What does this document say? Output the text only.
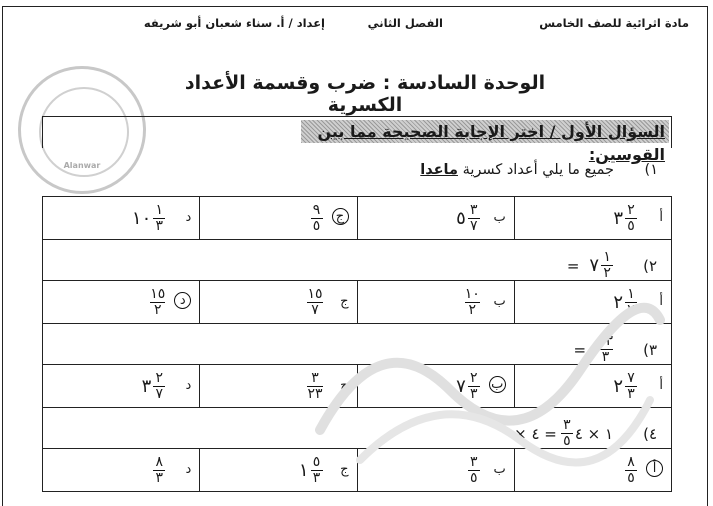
مادة اثرائية للصف الخامس
الفصل الثاني
إعداد / أ. سناء شعبان أبو شريفه
Alanwar
الوحدة السادسة : ضرب وقسمة الأعداد الكسرية
السؤال الأول / اختر الإجابة الصحيحة مما بين القوسين:
١)
جميع ما يلي أعداد كسرية ماعدا
أ
٣ $\frac{٢}{٥}$	ب
٥ $\frac{٣}{٧}$	ج
$\frac{٩}{٥}$	د
١٠ $\frac{١}{٣}$

٢)
= ٧ $\frac{١}{٢}$

أ
٢ $\frac{١}{٧}$	ب
$\frac{١٠}{٢}$	ج
$\frac{١٥}{٧}$	د
$\frac{١٥}{٢}$

٣)
= $\frac{٢٣}{٣}$

أ
٢ $\frac{٧}{٣}$	ب
٧ $\frac{٢}{٣}$	ج
$\frac{٣}{٢٣}$	د
٣ $\frac{٢}{٧}$

٤)
× ٤ = $\frac{٣}{٥}$ ١ × ٤			

أ
$\frac{٨}{٥}$	ب
$\frac{٣}{٥}$	ج
١ $\frac{٥}{٣}$	د
$\frac{٨}{٣}$
